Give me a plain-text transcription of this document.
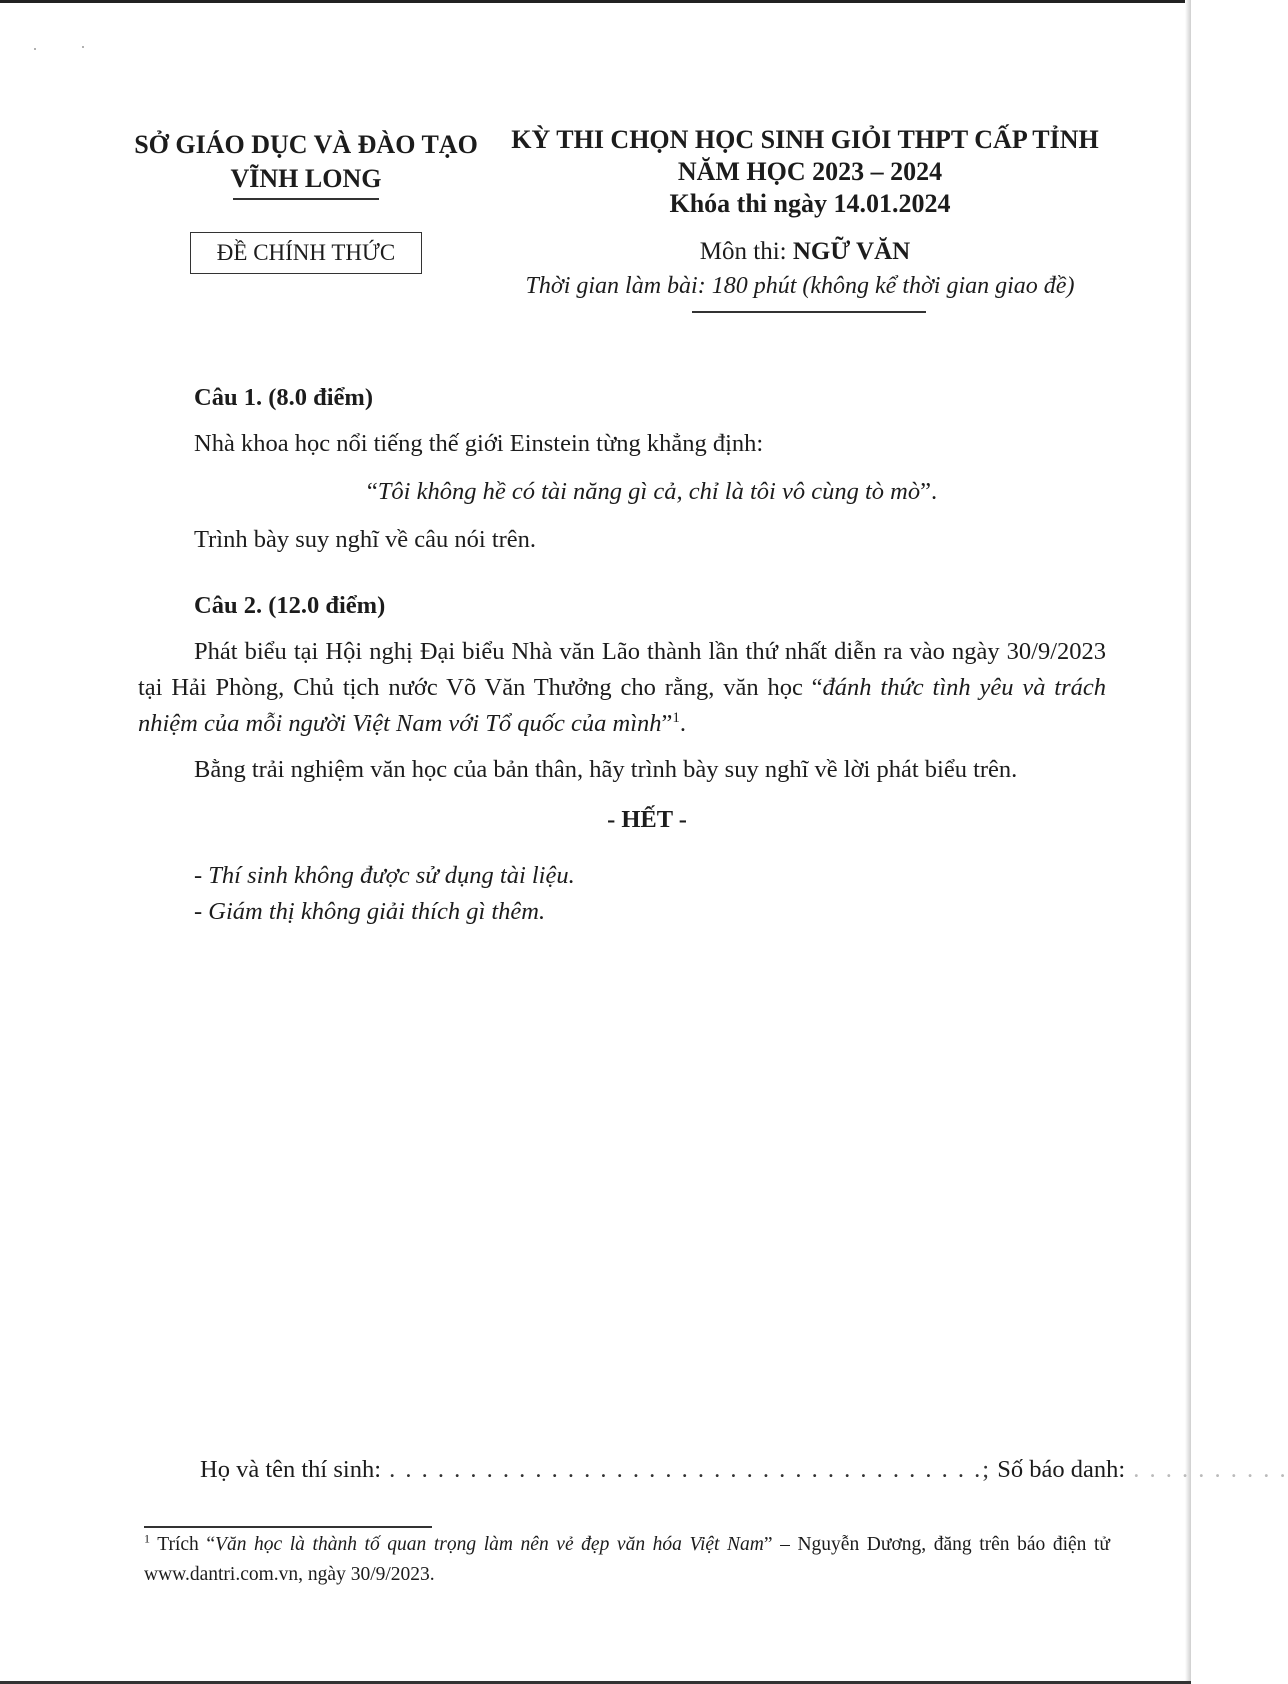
SỞ GIÁO DỤC VÀ ĐÀO TẠO
VĨNH LONG
ĐỀ CHÍNH THỨC
KỲ THI CHỌN HỌC SINH GIỎI THPT CẤP TỈNH
NĂM HỌC 2023 – 2024
Khóa thi ngày 14.01.2024
Môn thi: NGỮ VĂN
Thời gian làm bài: 180 phút (không kể thời gian giao đề)

Câu 1. (8.0 điểm)

Nhà khoa học nổi tiếng thế giới Einstein từng khẳng định:

“Tôi không hề có tài năng gì cả, chỉ là tôi vô cùng tò mò”.

Trình bày suy nghĩ về câu nói trên.

Câu 2. (12.0 điểm)

Phát biểu tại Hội nghị Đại biểu Nhà văn Lão thành lần thứ nhất diễn ra vào ngày 30/9/2023 tại Hải Phòng, Chủ tịch nước Võ Văn Thưởng cho rằng, văn học “đánh thức tình yêu và trách nhiệm của mỗi người Việt Nam với Tổ quốc của mình”$^1$.

Bằng trải nghiệm văn học của bản thân, hãy trình bày suy nghĩ về lời phát biểu trên.

- HẾT -

- Thí sinh không được sử dụng tài liệu.

- Giám thị không giải thích gì thêm.

Họ và tên thí sinh: . . . . . . . . . . . . . . . . . . . . . . . . . . . . . . . . . . . . .; Số báo danh: . . . . . . . . . .
$^1$ Trích “Văn học là thành tố quan trọng làm nên vẻ đẹp văn hóa Việt Nam” – Nguyễn Dương, đăng trên báo điện tử www.dantri.com.vn, ngày 30/9/2023.
